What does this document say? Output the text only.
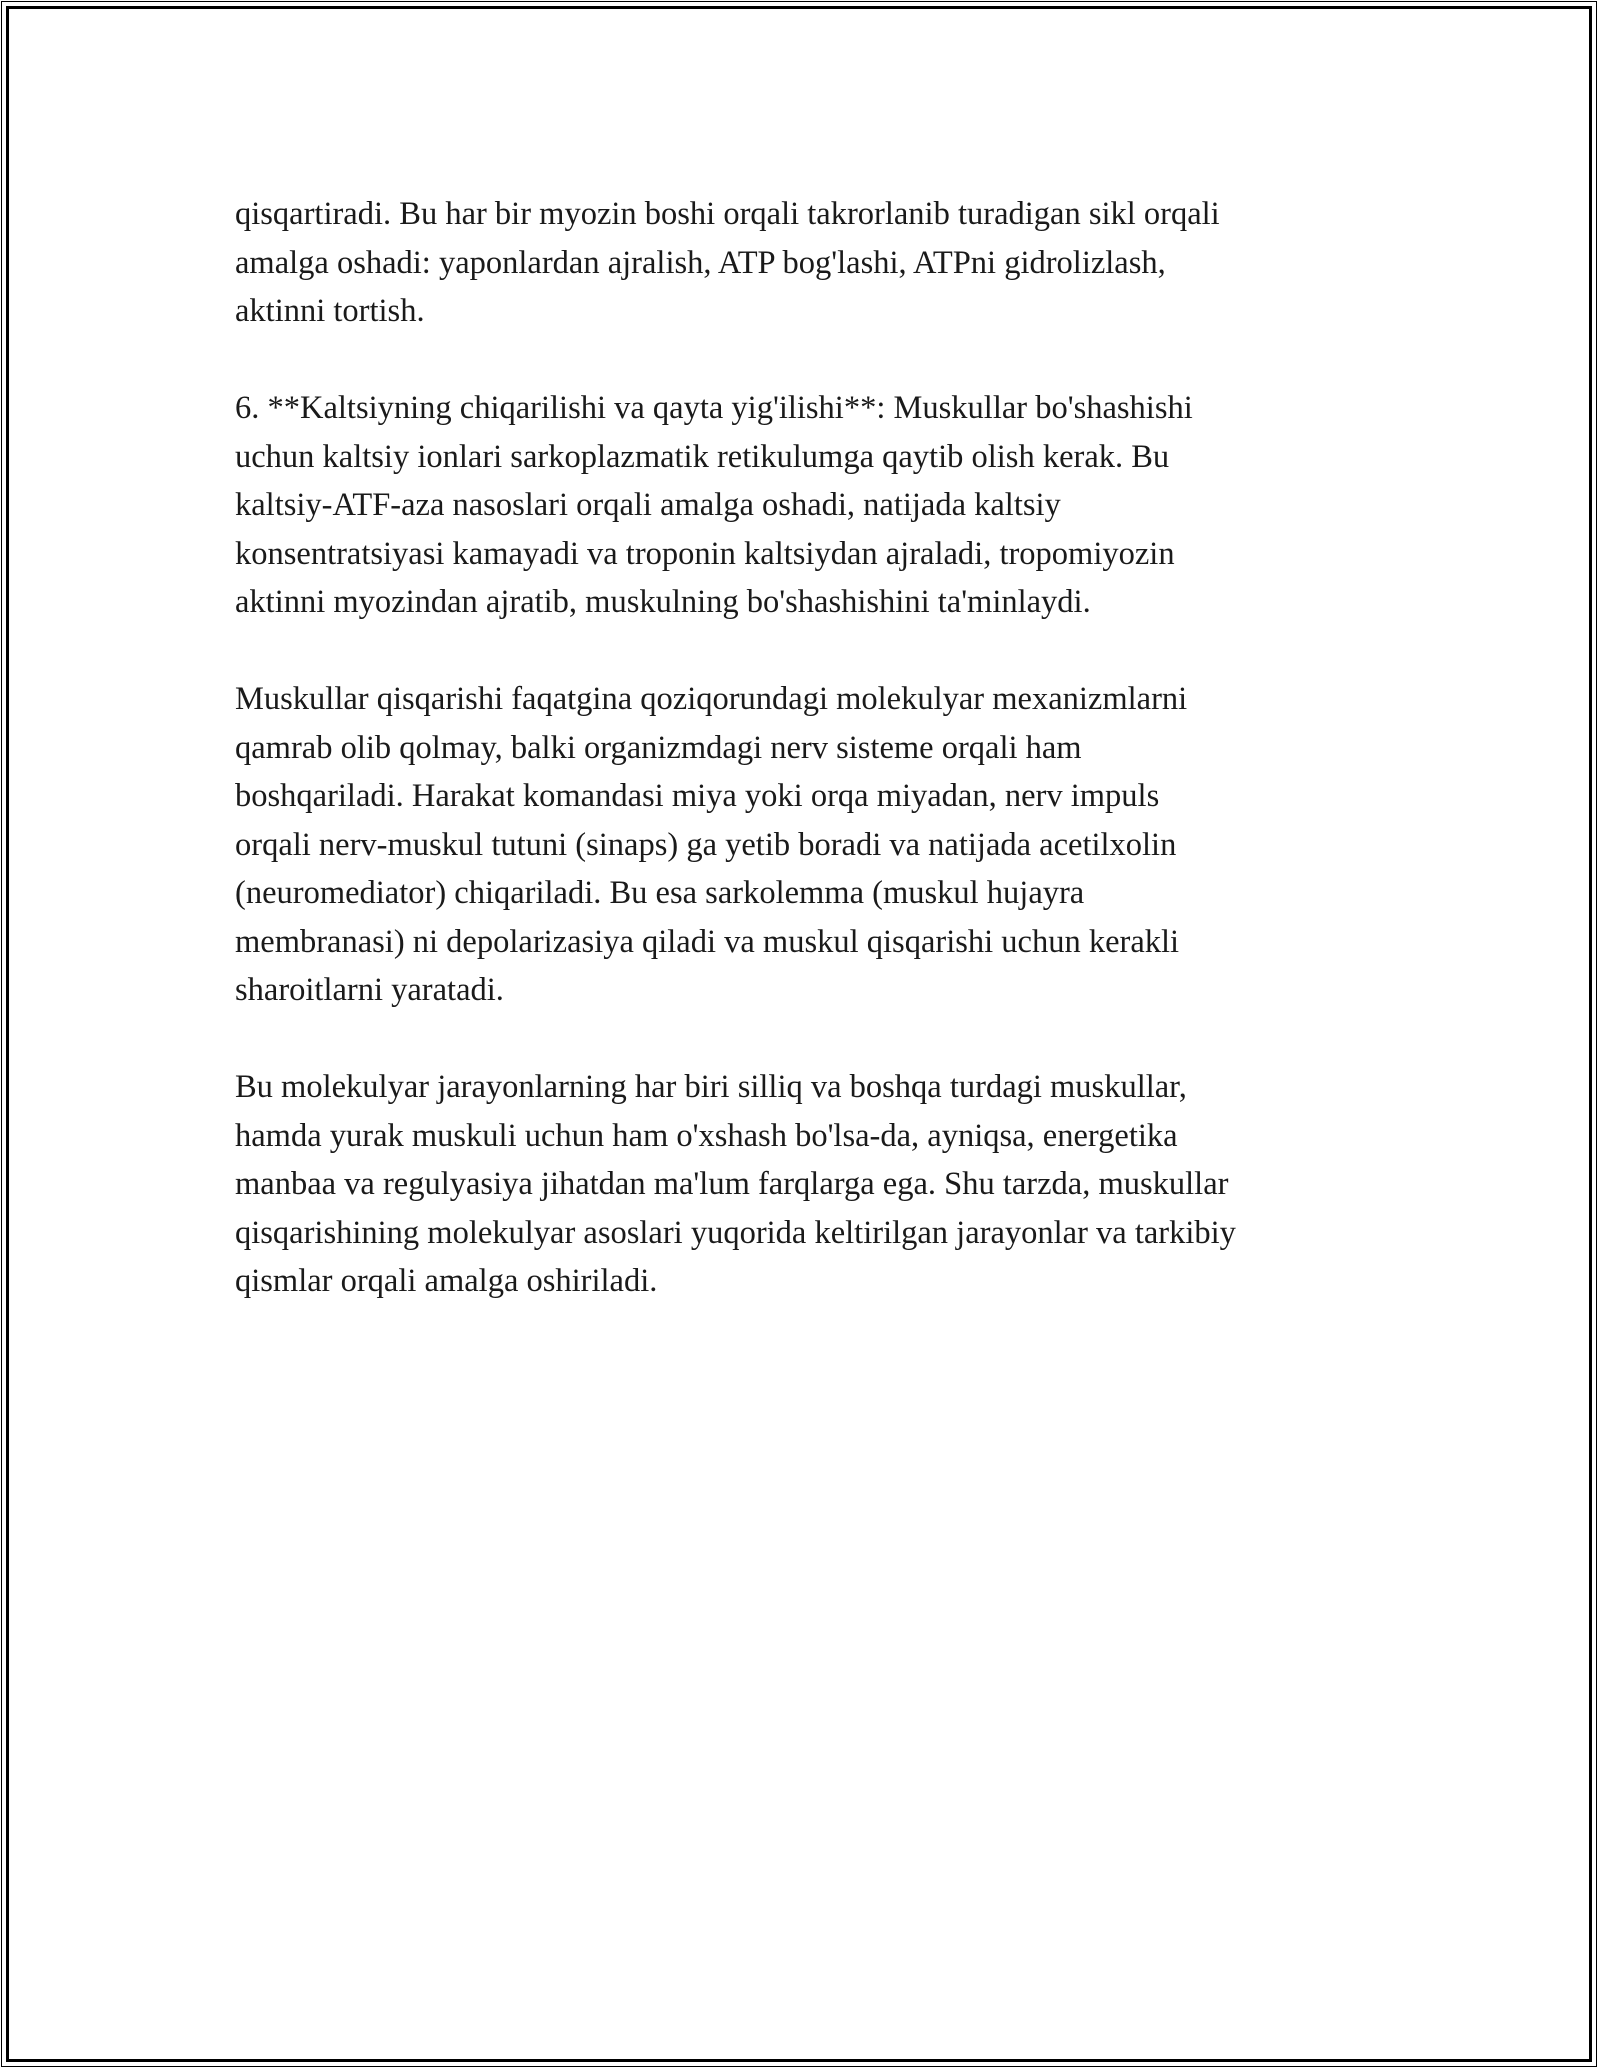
qisqartiradi. Bu har bir myozin boshi orqali takrorlanib turadigan sikl orqali
amalga oshadi: yaponlardan ajralish, ATP bog'lashi, ATPni gidrolizlash,
aktinni tortish.

6. **Kaltsiyning chiqarilishi va qayta yig'ilishi**: Muskullar bo'shashishi
uchun kaltsiy ionlari sarkoplazmatik retikulumga qaytib olish kerak. Bu
kaltsiy-ATF-aza nasoslari orqali amalga oshadi, natijada kaltsiy
konsentratsiyasi kamayadi va troponin kaltsiydan ajraladi, tropomiyozin
aktinni myozindan ajratib, muskulning bo'shashishini ta'minlaydi.

Muskullar qisqarishi faqatgina qoziqorundagi molekulyar mexanizmlarni
qamrab olib qolmay, balki organizmdagi nerv sisteme orqali ham
boshqariladi. Harakat komandasi miya yoki orqa miyadan, nerv impuls
orqali nerv-muskul tutuni (sinaps) ga yetib boradi va natijada acetilxolin
(neuromediator) chiqariladi. Bu esa sarkolemma (muskul hujayra
membranasi) ni depolarizasiya qiladi va muskul qisqarishi uchun kerakli
sharoitlarni yaratadi.

Bu molekulyar jarayonlarning har biri silliq va boshqa turdagi muskullar,
hamda yurak muskuli uchun ham o'xshash bo'lsa-da, ayniqsa, energetika
manbaa va regulyasiya jihatdan ma'lum farqlarga ega. Shu tarzda, muskullar
qisqarishining molekulyar asoslari yuqorida keltirilgan jarayonlar va tarkibiy
qismlar orqali amalga oshiriladi.
